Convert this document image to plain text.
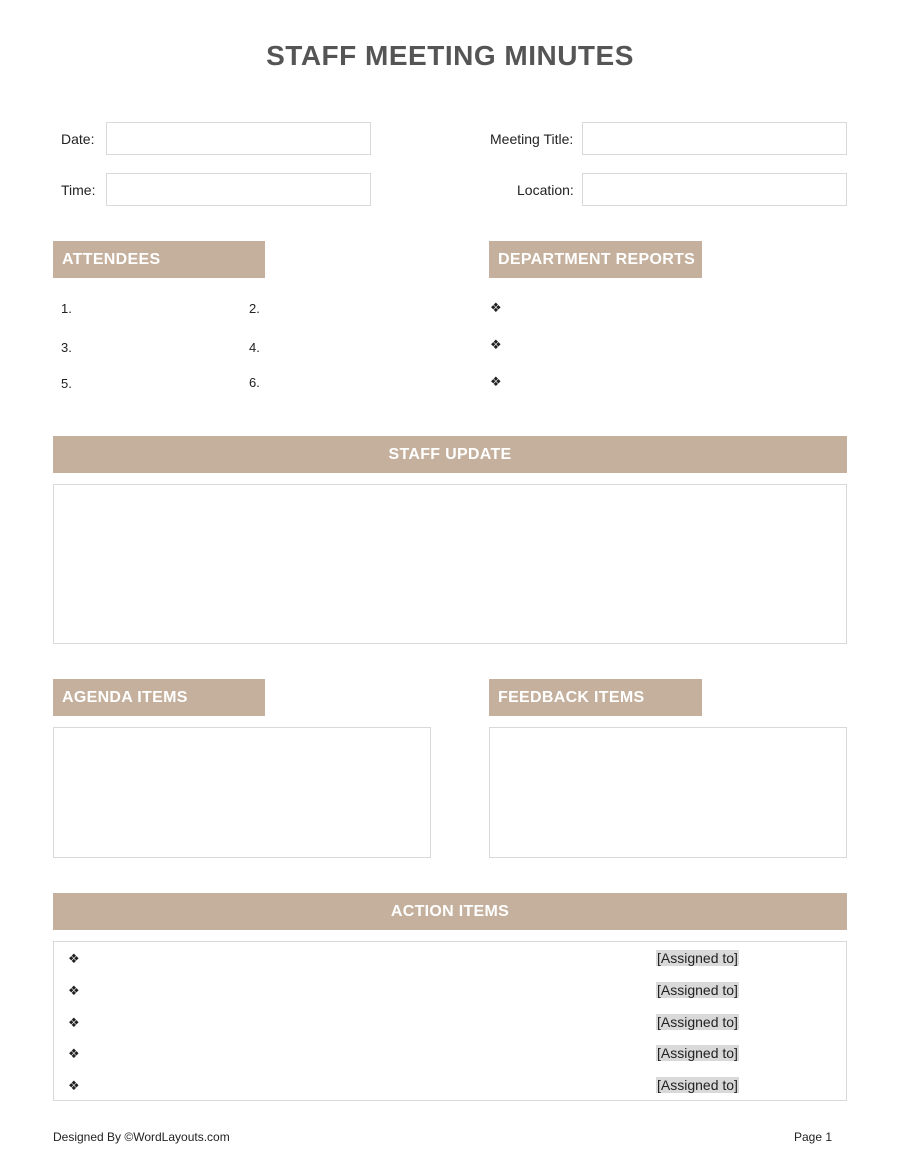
STAFF MEETING MINUTES
Date:
Time:
Meeting Title:
Location:
ATTENDEES	DEPARTMENT REPORTS
1.	2.
3.	4.
5.	6.
❖
❖
❖
STAFF UPDATE
AGENDA ITEMS	FEEDBACK ITEMS
ACTION ITEMS
❖	[Assigned to]
❖	[Assigned to]
❖	[Assigned to]
❖	[Assigned to]
❖	[Assigned to]
Designed By ©WordLayouts.com	Page 1
